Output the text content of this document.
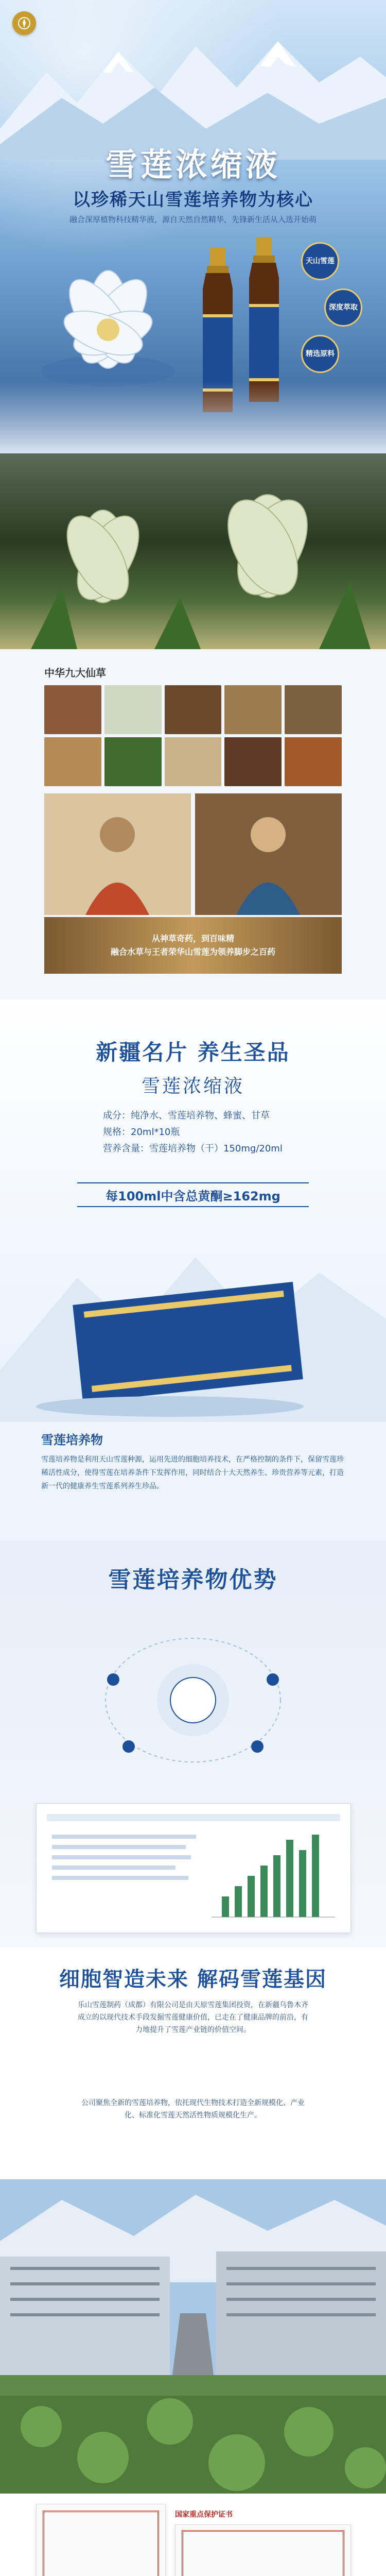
雪莲浓缩液
以珍稀天山雪莲培养物为核心
融合深厚植物科技精华液，源自天然自然精华，先锋新生活从入选开始萌
天山雪莲
深度萃取
精选原料
中华九大仙草
从神草奇药，到百味精
融合水草与王者荣华山雪莲为领养脚步之百药
新疆名片 养生圣品
雪莲浓缩液
成分：纯净水、雪莲培养物、蜂蜜、甘草
规格：20ml*10瓶
营养含量：雪莲培养物（干）150mg/20ml
每100ml中含总黄酮≥162mg
雪莲培养物
雪莲培养物是利用天山雪莲种源，运用先进的细胞培养技术，在严格控制的条件下，保留雪莲珍稀活性成分，使得雪莲在培养条件下发挥作用，同时结合十大天然养生、珍贵营养等元素，打造新一代的健康养生雪莲系列养生珍品。
雪莲培养物优势
细胞智造未来 解码雪莲基因
乐山雪莲制药（成都）有限公司是由天原雪莲集团投资，在新疆乌鲁木齐成立的以现代技术手段发掘雪莲健康价值，已走在了健康品牌的前沿，有力地提升了雪莲产业链的价值空间。
公司聚焦全新的雪莲培养物，依托现代生物技术打造全新规模化、产业化、标准化雪莲天然活性物质规模化生产。
国家重点保护证书
